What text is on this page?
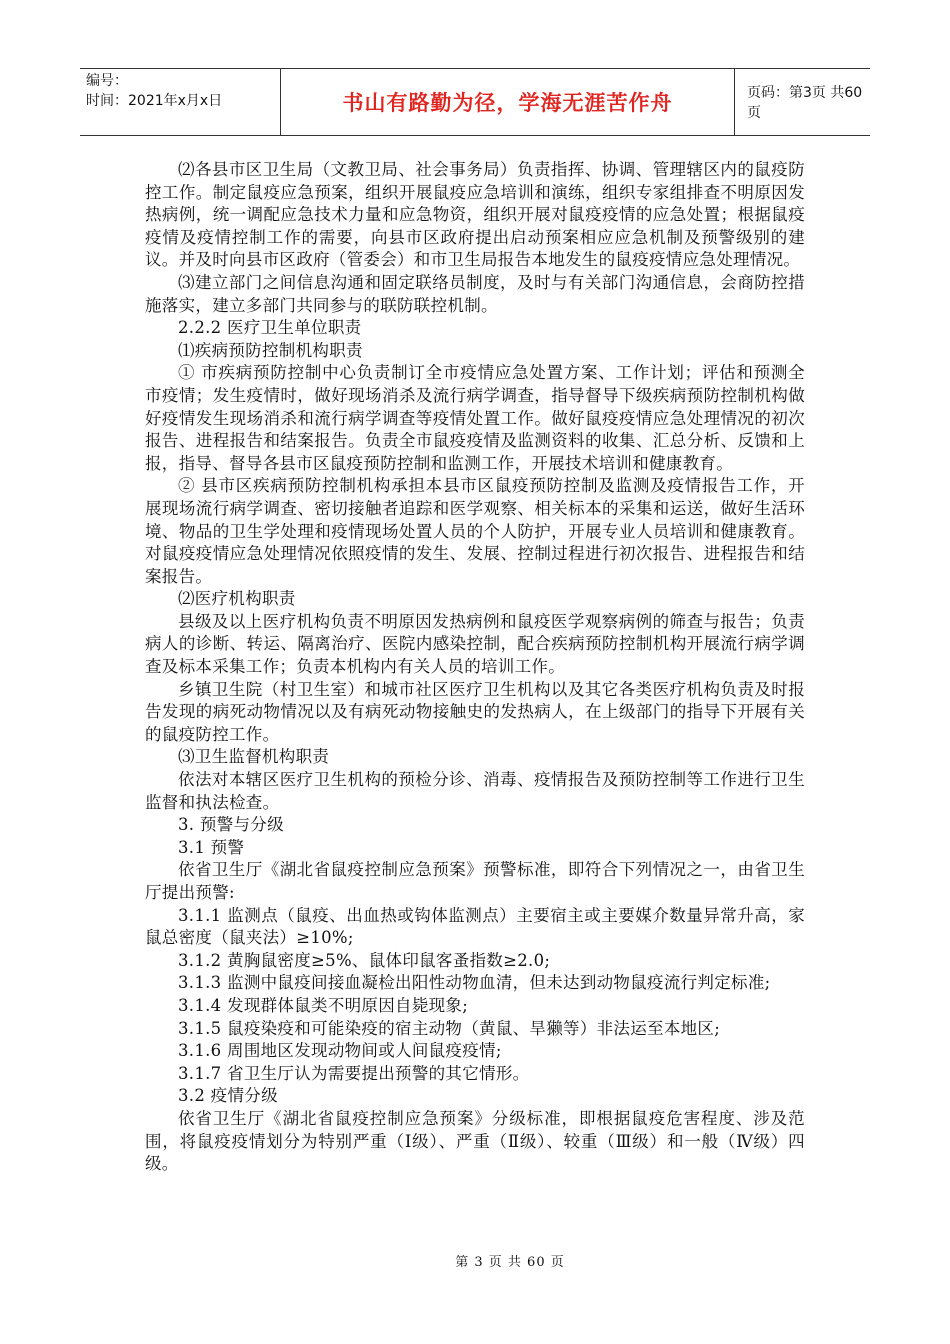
编号：
时间：2021年x月x日	书山有路勤为径，学海无涯苦作舟	页码：第3页 共60页

⑵各县市区卫生局（文教卫局、社会事务局）负责指挥、协调、管理辖区内的鼠疫防控工作。制定鼠疫应急预案，组织开展鼠疫应急培训和演练，组织专家组排查不明原因发热病例，统一调配应急技术力量和应急物资，组织开展对鼠疫疫情的应急处置；根据鼠疫疫情及疫情控制工作的需要，向县市区政府提出启动预案相应应急机制及预警级别的建议。并及时向县市区政府（管委会）和市卫生局报告本地发生的鼠疫疫情应急处理情况。

⑶建立部门之间信息沟通和固定联络员制度，及时与有关部门沟通信息，会商防控措施落实，建立多部门共同参与的联防联控机制。

2.2.2 医疗卫生单位职责

⑴疾病预防控制机构职责

① 市疾病预防控制中心负责制订全市疫情应急处置方案、工作计划；评估和预测全市疫情；发生疫情时，做好现场消杀及流行病学调查，指导督导下级疾病预防控制机构做好疫情发生现场消杀和流行病学调查等疫情处置工作。做好鼠疫疫情应急处理情况的初次报告、进程报告和结案报告。负责全市鼠疫疫情及监测资料的收集、汇总分析、反馈和上报，指导、督导各县市区鼠疫预防控制和监测工作，开展技术培训和健康教育。

② 县市区疾病预防控制机构承担本县市区鼠疫预防控制及监测及疫情报告工作，开展现场流行病学调查、密切接触者追踪和医学观察、相关标本的采集和运送，做好生活环境、物品的卫生学处理和疫情现场处置人员的个人防护，开展专业人员培训和健康教育。对鼠疫疫情应急处理情况依照疫情的发生、发展、控制过程进行初次报告、进程报告和结案报告。

⑵医疗机构职责

县级及以上医疗机构负责不明原因发热病例和鼠疫医学观察病例的筛查与报告；负责病人的诊断、转运、隔离治疗、医院内感染控制，配合疾病预防控制机构开展流行病学调查及标本采集工作；负责本机构内有关人员的培训工作。

乡镇卫生院（村卫生室）和城市社区医疗卫生机构以及其它各类医疗机构负责及时报告发现的病死动物情况以及有病死动物接触史的发热病人，在上级部门的指导下开展有关的鼠疫防控工作。

⑶卫生监督机构职责

依法对本辖区医疗卫生机构的预检分诊、消毒、疫情报告及预防控制等工作进行卫生监督和执法检查。

3. 预警与分级

3.1 预警

依省卫生厅《湖北省鼠疫控制应急预案》预警标准，即符合下列情况之一，由省卫生厅提出预警:

3.1.1 监测点（鼠疫、出血热或钩体监测点）主要宿主或主要媒介数量异常升高，家鼠总密度（鼠夹法）≥10%;

3.1.2 黄胸鼠密度≥5%、鼠体印鼠客蚤指数≥2.0;

3.1.3 监测中鼠疫间接血凝检出阳性动物血清，但未达到动物鼠疫流行判定标准;

3.1.4 发现群体鼠类不明原因自毙现象;

3.1.5 鼠疫染疫和可能染疫的宿主动物（黄鼠、旱獭等）非法运至本地区;

3.1.6 周围地区发现动物间或人间鼠疫疫情;

3.1.7 省卫生厅认为需要提出预警的其它情形。

3.2 疫情分级

依省卫生厅《湖北省鼠疫控制应急预案》分级标准，即根据鼠疫危害程度、涉及范围，将鼠疫疫情划分为特别严重（Ⅰ级）、严重（Ⅱ级）、较重（Ⅲ级）和一般（Ⅳ级）四级。

第 3 页 共 60 页
